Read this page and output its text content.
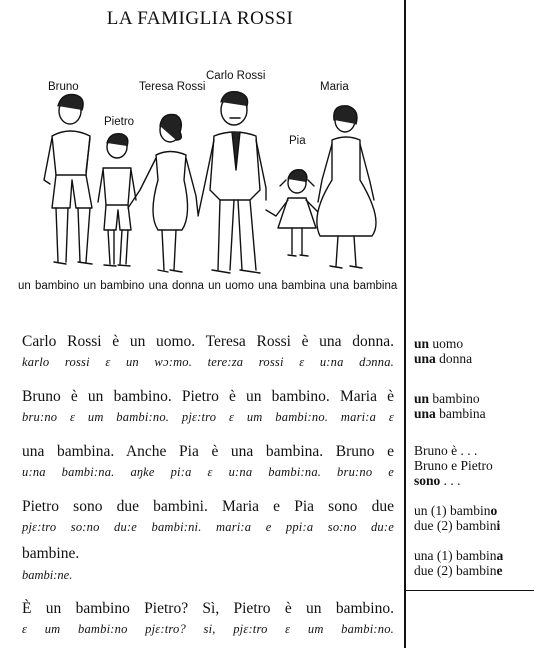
LA FAMIGLIA ROSSI
Bruno
Pietro
Teresa Rossi
Carlo Rossi
Pia
Maria
un bambino un bambino una donna un uomo una bambina una bambina
Carlo Rossi è un uomo. Teresa Rossi è una donna.
karlo rossi ɛ un wɔ:mo. tere:za rossi ɛ u:na dɔnna.
Bruno è un bambino. Pietro è un bambino. Maria è
bru:no ɛ um bambi:no. pjɛ:tro ɛ um bambi:no. mari:a ɛ
una bambina. Anche Pia è una bambina. Bruno e
u:na bambi:na. aŋke pi:a ɛ u:na bambi:na. bru:no e
Pietro sono due bambini. Maria e Pia sono due
pjɛ:tro so:no du:e bambi:ni. mari:a e ppi:a so:no du:e
bambine.
bambi:ne.
È un bambino Pietro? Sì, Pietro è un bambino.
ɛ um bambi:no pjɛ:tro? si, pjɛ:tro ɛ um bambi:no.
un uomo
una donna
un bambino
una bambina
Bruno è . . .
Bruno e Pietro
sono . . .
un (1) bambino
due (2) bambini
una (1) bambina
due (2) bambine
